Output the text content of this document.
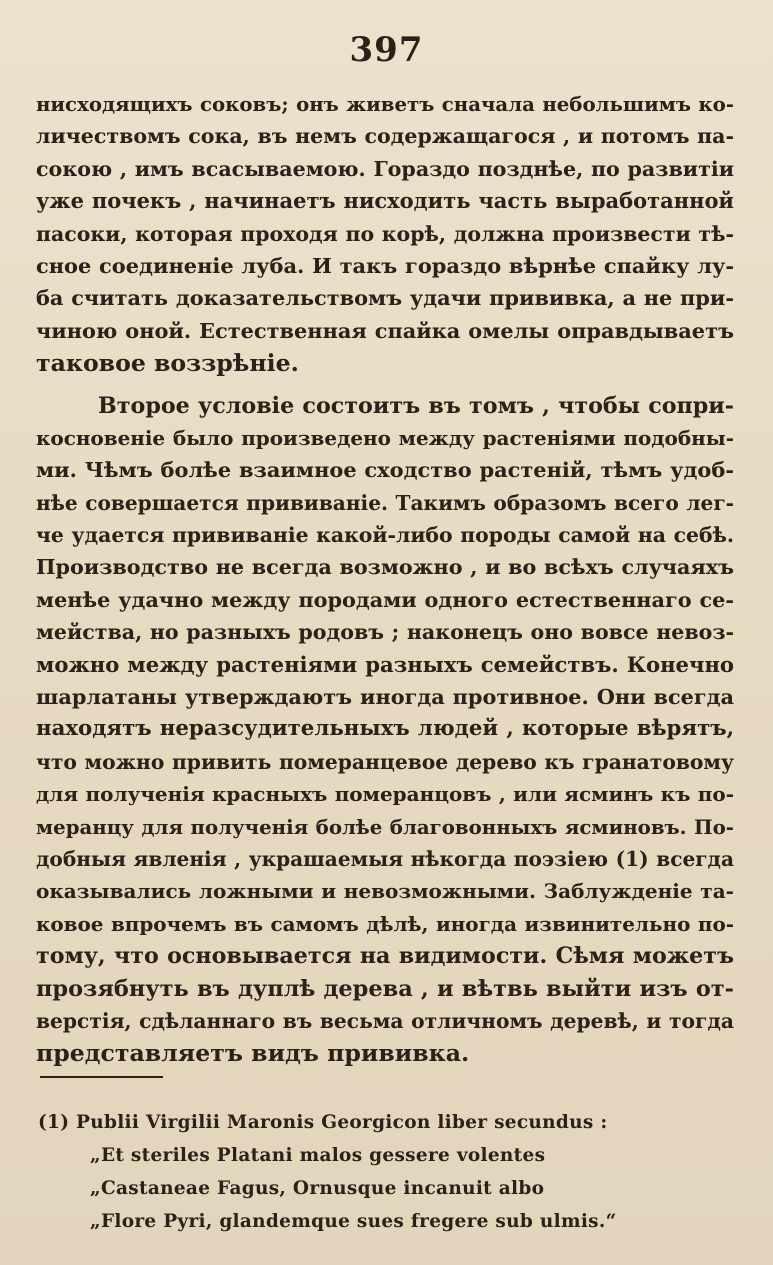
397
нисходящихъ соковъ; онъ живетъ сначала небольшимъ ко-
личествомъ сока, въ немъ содержащагося , и потомъ па-
сокою , имъ всасываемою. Гораздо позднѣе, по развитіи
уже почекъ , начинаетъ нисходить часть выработанной
пасоки, которая проходя по корѣ, должна произвести тѣ-
сное соединеніе луба. И такъ гораздо вѣрнѣе спайку лу-
ба считать доказательствомъ удачи прививка, а не при-
чиною оной. Естественная спайка омелы оправдываетъ
таковое воззрѣніе.
Второе условіе состоитъ въ томъ , чтобы сопри-
косновеніе было произведено между растеніями подобны-
ми. Чѣмъ болѣе взаимное сходство растеній, тѣмъ удоб-
нѣе совершается прививаніе. Такимъ образомъ всего лег-
че удается прививаніе какой-либо породы самой на себѣ.
Производство не всегда возможно , и во всѣхъ случаяхъ
менѣе удачно между породами одного естественнаго се-
мейства, но разныхъ родовъ ; наконецъ оно вовсе невоз-
можно между растеніями разныхъ семействъ. Конечно
шарлатаны утверждаютъ иногда противное. Они всегда
находятъ неразсудительныхъ людей , которые вѣрятъ,
что можно привить померанцевое дерево къ гранатовому
для полученія красныхъ померанцовъ , или ясминъ къ по-
меранцу для полученія болѣе благовонныхъ ясминовъ. По-
добныя явленія , украшаемыя нѣкогда поэзіею (1) всегда
оказывались ложными и невозможными. Заблужденіе та-
ковое впрочемъ въ самомъ дѣлѣ, иногда извинительно по-
тому, что основывается на видимости. Сѣмя можетъ
прозябнуть въ дуплѣ дерева , и вѣтвь выйти изъ от-
верстія, сдѣланнаго въ весьма отличномъ деревѣ, и тогда
представляетъ видъ прививка.
(1) Publii Virgilii Maronis Georgicon liber secundus :
„Et steriles Platani malos gessere volentes
„Castaneae Fagus, Ornusque incanuit albo
„Flore Pyri, glandemque sues fregere sub ulmis.“
